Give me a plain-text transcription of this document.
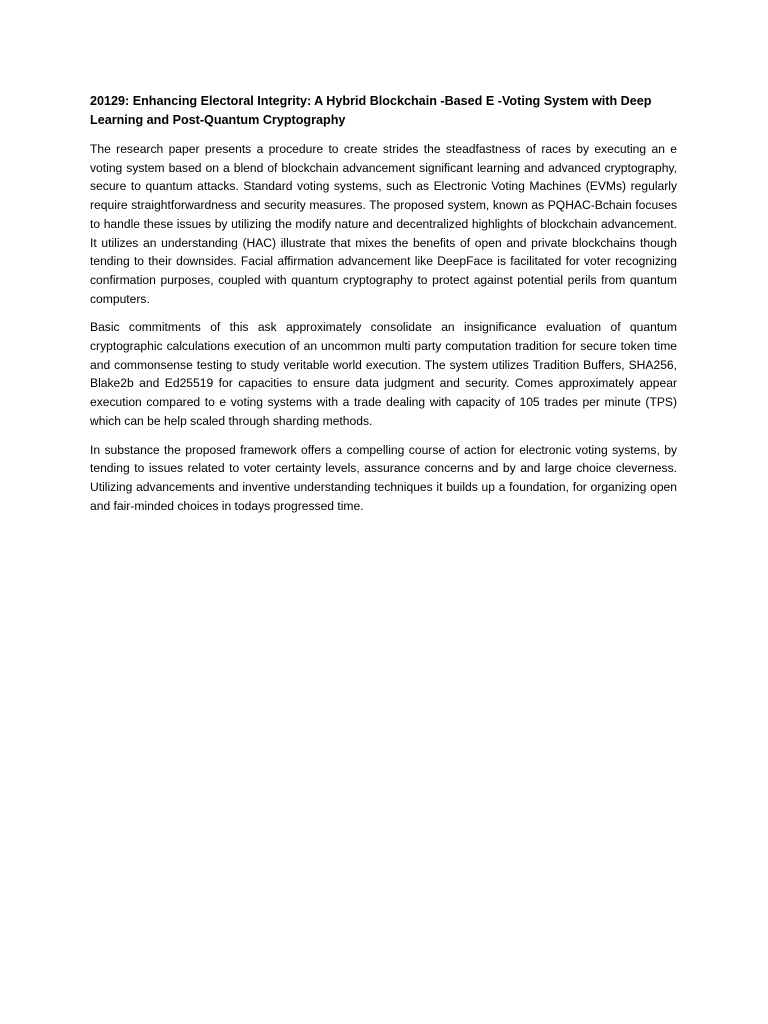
20129: Enhancing Electoral Integrity: A Hybrid Blockchain -Based E -Voting System with Deep Learning and Post-Quantum Cryptography

The research paper presents a procedure to create strides the steadfastness of races by executing an e voting system based on a blend of blockchain advancement significant learning and advanced cryptography, secure to quantum attacks. Standard voting systems, such as Electronic Voting Machines (EVMs) regularly require straightforwardness and security measures. The proposed system, known as PQHAC-Bchain focuses to handle these issues by utilizing the modify nature and decentralized highlights of blockchain advancement. It utilizes an understanding (HAC) illustrate that mixes the benefits of open and private blockchains though tending to their downsides. Facial affirmation advancement like DeepFace is facilitated for voter recognizing confirmation purposes, coupled with quantum cryptography to protect against potential perils from quantum computers.

Basic commitments of this ask approximately consolidate an insignificance evaluation of quantum cryptographic calculations execution of an uncommon multi party computation tradition for secure token time and commonsense testing to study veritable world execution. The system utilizes Tradition Buffers, SHA256, Blake2b and Ed25519 for capacities to ensure data judgment and security. Comes approximately appear execution compared to e voting systems with a trade dealing with capacity of 105 trades per minute (TPS) which can be help scaled through sharding methods.

In substance the proposed framework offers a compelling course of action for electronic voting systems, by tending to issues related to voter certainty levels, assurance concerns and by and large choice cleverness. Utilizing advancements and inventive understanding techniques it builds up a foundation, for organizing open and fair-minded choices in todays progressed time.
